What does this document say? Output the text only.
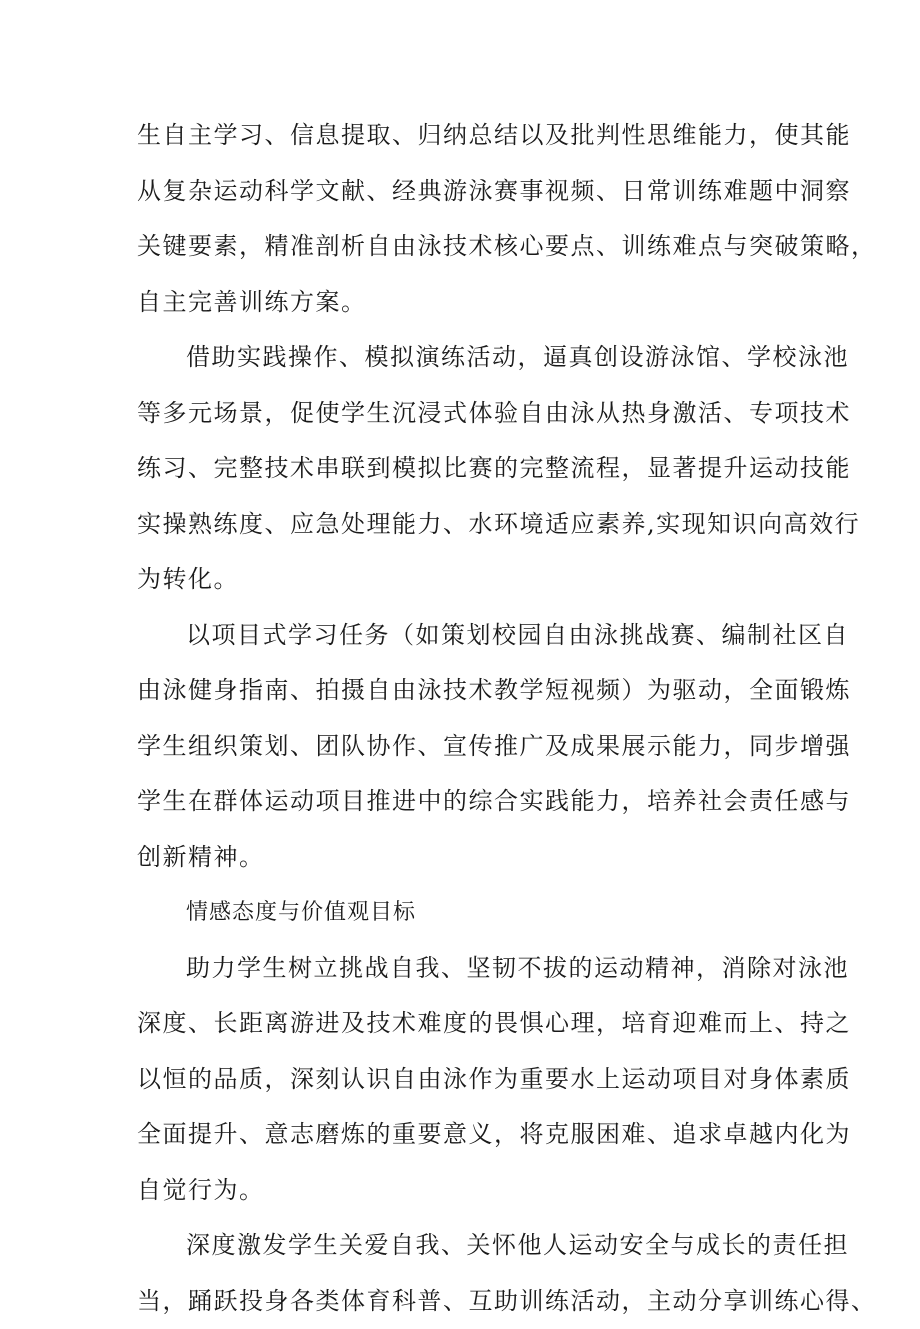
生自主学习、信息提取、归纳总结以及批判性思维能力，使其能
从复杂运动科学文献、经典游泳赛事视频、日常训练难题中洞察
关键要素，精准剖析自由泳技术核心要点、训练难点与突破策略，
自主完善训练方案。
借助实践操作、模拟演练活动，逼真创设游泳馆、学校泳池
等多元场景，促使学生沉浸式体验自由泳从热身激活、专项技术
练习、完整技术串联到模拟比赛的完整流程，显著提升运动技能
实操熟练度、应急处理能力、水环境适应素养,实现知识向高效行
为转化。
以项目式学习任务（如策划校园自由泳挑战赛、编制社区自
由泳健身指南、拍摄自由泳技术教学短视频）为驱动，全面锻炼
学生组织策划、团队协作、宣传推广及成果展示能力，同步增强
学生在群体运动项目推进中的综合实践能力，培养社会责任感与
创新精神。
情感态度与价值观目标
助力学生树立挑战自我、坚韧不拔的运动精神，消除对泳池
深度、长距离游进及技术难度的畏惧心理，培育迎难而上、持之
以恒的品质，深刻认识自由泳作为重要水上运动项目对身体素质
全面提升、意志磨炼的重要意义，将克服困难、追求卓越内化为
自觉行为。
深度激发学生关爱自我、关怀他人运动安全与成长的责任担
当，踊跃投身各类体育科普、互助训练活动，主动分享训练心得、
